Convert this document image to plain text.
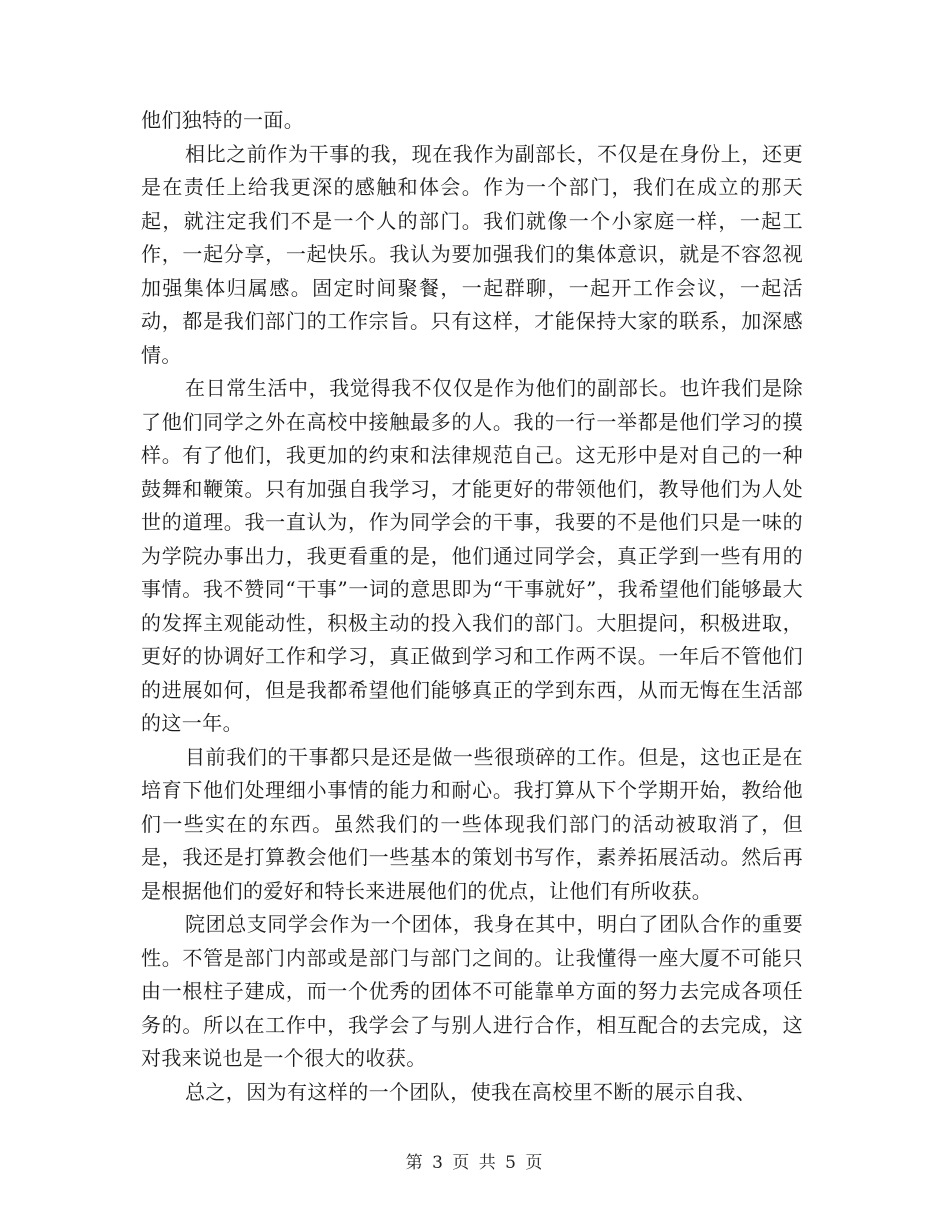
他们独特的一面。

相比之前作为干事的我，现在我作为副部长，不仅是在身份上，还更是在责任上给我更深的感触和体会。作为一个部门，我们在成立的那天起，就注定我们不是一个人的部门。我们就像一个小家庭一样，一起工作，一起分享，一起快乐。我认为要加强我们的集体意识，就是不容忽视加强集体归属感。固定时间聚餐，一起群聊，一起开工作会议，一起活动，都是我们部门的工作宗旨。只有这样，才能保持大家的联系，加深感情。

在日常生活中，我觉得我不仅仅是作为他们的副部长。也许我们是除了他们同学之外在高校中接触最多的人。我的一行一举都是他们学习的摸样。有了他们，我更加的约束和法律规范自己。这无形中是对自己的一种鼓舞和鞭策。只有加强自我学习，才能更好的带领他们，教导他们为人处世的道理。我一直认为，作为同学会的干事，我要的不是他们只是一味的为学院办事出力，我更看重的是，他们通过同学会，真正学到一些有用的事情。我不赞同“干事”一词的意思即为“干事就好”，我希望他们能够最大的发挥主观能动性，积极主动的投入我们的部门。大胆提问，积极进取，更好的协调好工作和学习，真正做到学习和工作两不误。一年后不管他们的进展如何，但是我都希望他们能够真正的学到东西，从而无悔在生活部的这一年。

目前我们的干事都只是还是做一些很琐碎的工作。但是，这也正是在培育下他们处理细小事情的能力和耐心。我打算从下个学期开始，教给他们一些实在的东西。虽然我们的一些体现我们部门的活动被取消了，但是，我还是打算教会他们一些基本的策划书写作，素养拓展活动。然后再是根据他们的爱好和特长来进展他们的优点，让他们有所收获。

院团总支同学会作为一个团体，我身在其中，明白了团队合作的重要性。不管是部门内部或是部门与部门之间的。让我懂得一座大厦不可能只由一根柱子建成，而一个优秀的团体不可能靠单方面的努力去完成各项任务的。所以在工作中，我学会了与别人进行合作，相互配合的去完成，这对我来说也是一个很大的收获。

总之，因为有这样的一个团队，使我在高校里不断的展示自我、

第 3 页 共 5 页
